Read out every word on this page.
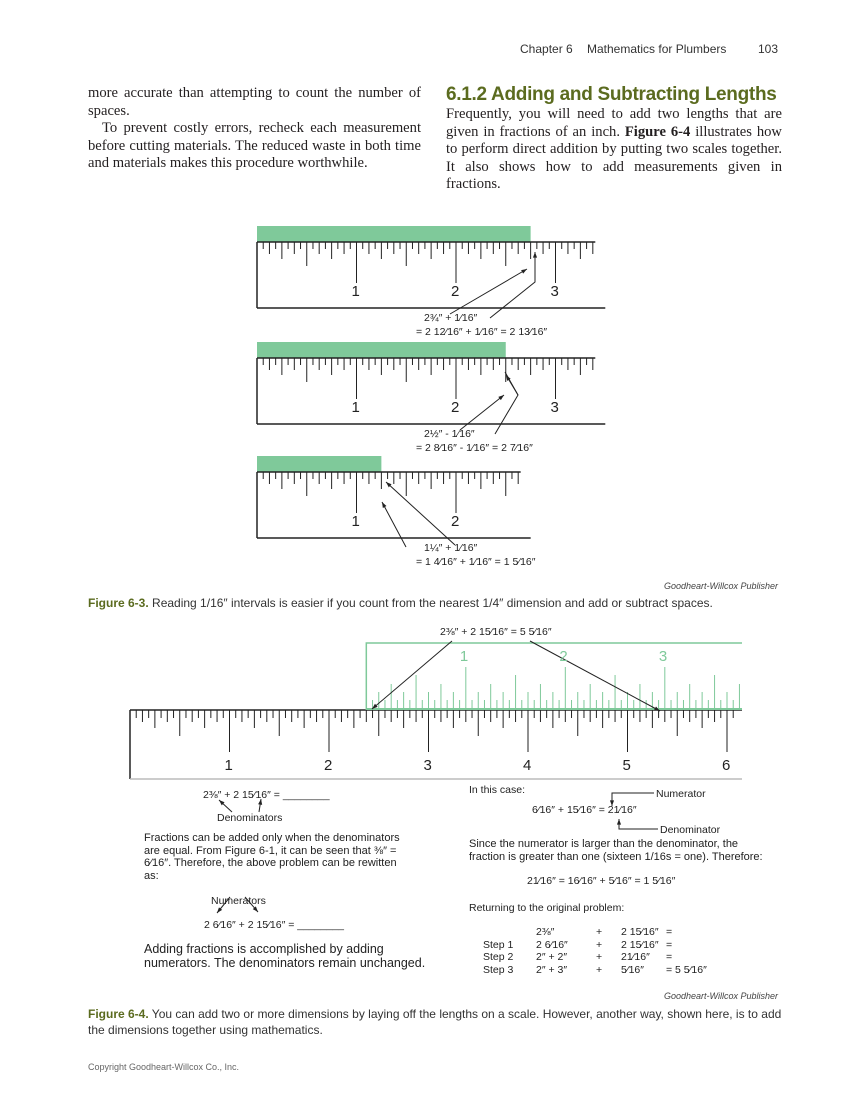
Chapter 6 Mathematics for Plumbers	103

more accurate than attempting to count the number of spaces.

To prevent costly errors, recheck each measurement before cutting materials. The reduced waste in both time and materials makes this procedure worthwhile.

6.1.2 Adding and Subtracting Lengths
Frequently, you will need to add two lengths that are given in fractions of an inch. Figure 6-4 illustrates how to perform direct addition by putting two scales together. It also shows how to add measurements given in fractions.
1	2	3
2¾″ + 1⁄16″
= 2 12⁄16″ + 1⁄16″ = 2 13⁄16″
1	2	3
2½″ - 1⁄16″
= 2 8⁄16″ - 1⁄16″ = 2 7⁄16″
1	2
1¼″ + 1⁄16″
= 1 4⁄16″ + 1⁄16″ = 1 5⁄16″
Goodheart-Willcox Publisher
Figure 6-3. Reading 1/16″ intervals is easier if you count from the nearest 1/4″ dimension and add or subtract spaces.
1	2	3	4	5	6
1	2	3
2⅜″ + 2 15⁄16″ = 5 5⁄16″
2⅜″ + 2 15⁄16″ = ________
Denominators
Fractions can be added only when the denominators are equal. From Figure 6-1, it can be seen that ⅜″ = 6⁄16″. Therefore, the above problem can be rewitten as:
Numerators
2 6⁄16″ + 2 15⁄16″ = ________
Adding fractions is accomplished by adding numerators. The denominators remain unchanged.
In this case:	Numerator
6⁄16″ + 15⁄16″ = 21⁄16″
Denominator
Since the numerator is larger than the denominator, the fraction is greater than one (sixteen 1/16s = one). Therefore:
21⁄16″ = 16⁄16″ + 5⁄16″ = 1 5⁄16″
Returning to the original problem:
2⅜″	+ 2 15⁄16″ =
Step 1 2 6⁄16″	+ 2 15⁄16″ =
Step 2 2″ + 2″	+ 21⁄16″ =
Step 3 2″ + 3″	+ 5⁄16″ = 5 5⁄16″
Goodheart-Willcox Publisher
Figure 6-4. You can add two or more dimensions by laying off the lengths on a scale. However, another way, shown here, is to add the dimensions together using mathematics.
Copyright Goodheart-Willcox Co., Inc.
